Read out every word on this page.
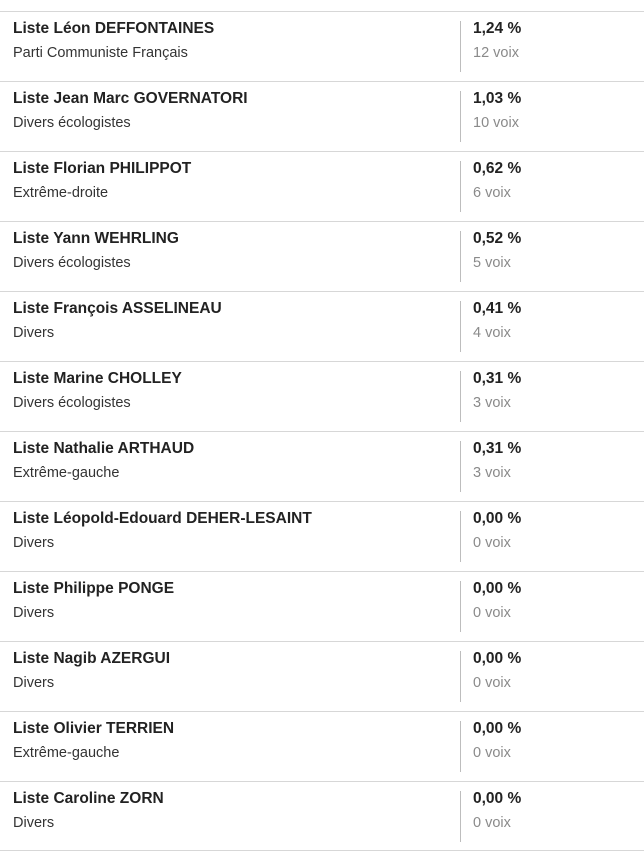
Liste Léon DEFFONTAINES
Parti Communiste Français
1,24 %
12 voix
Liste Jean Marc GOVERNATORI
Divers écologistes
1,03 %
10 voix
Liste Florian PHILIPPOT
Extrême-droite
0,62 %
6 voix
Liste Yann WEHRLING
Divers écologistes
0,52 %
5 voix
Liste François ASSELINEAU
Divers
0,41 %
4 voix
Liste Marine CHOLLEY
Divers écologistes
0,31 %
3 voix
Liste Nathalie ARTHAUD
Extrême-gauche
0,31 %
3 voix
Liste Léopold-Edouard DEHER-LESAINT
Divers
0,00 %
0 voix
Liste Philippe PONGE
Divers
0,00 %
0 voix
Liste Nagib AZERGUI
Divers
0,00 %
0 voix
Liste Olivier TERRIEN
Extrême-gauche
0,00 %
0 voix
Liste Caroline ZORN
Divers
0,00 %
0 voix
